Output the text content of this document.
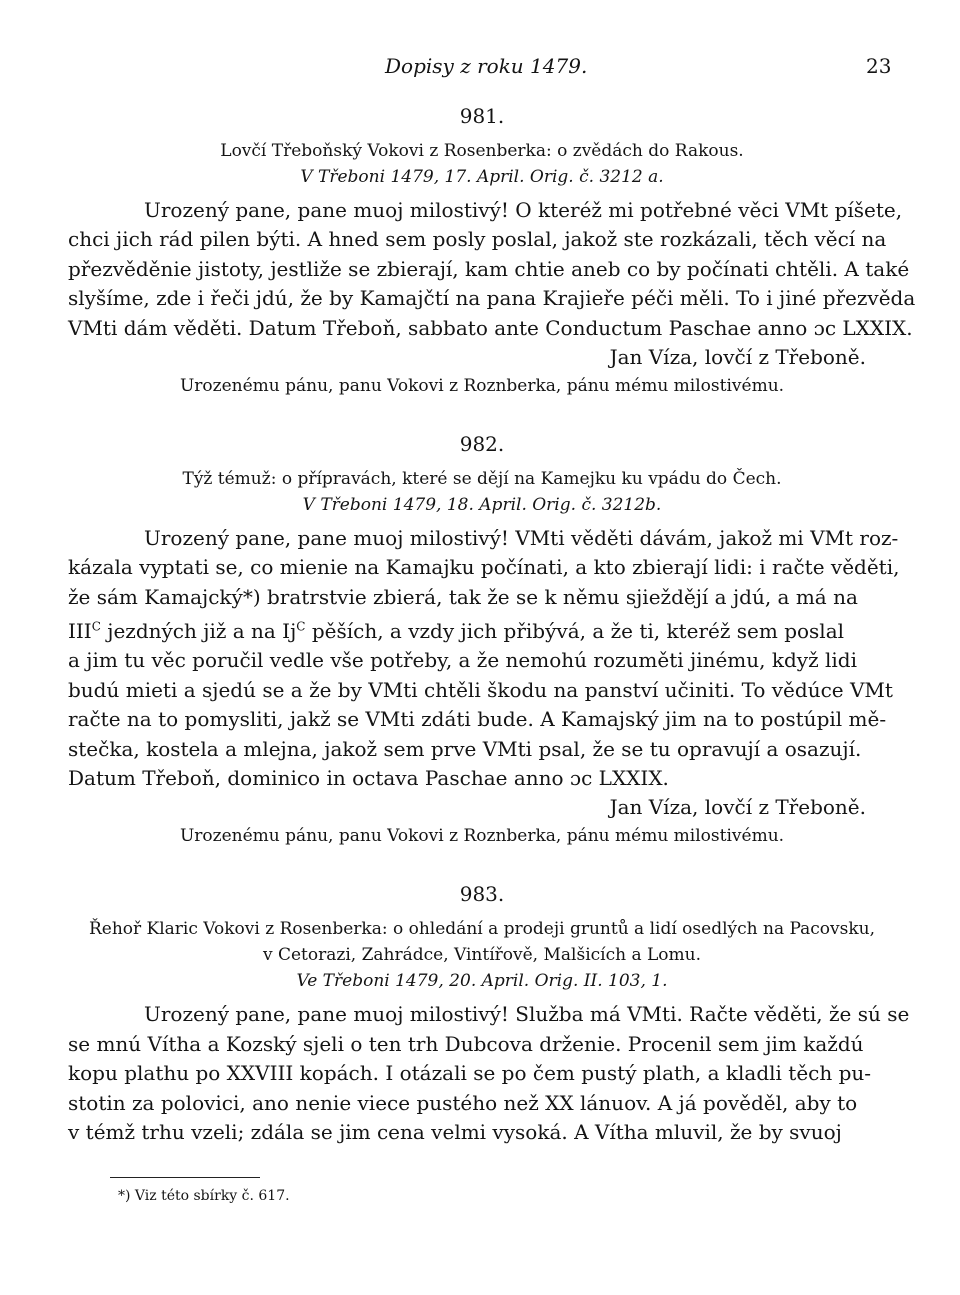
Dopisy z roku 1479.	23
981.
Lovčí Třeboňský Vokovi z Rosenberka: o zvědách do Rakous.
V Třeboni 1479, 17. April. Orig. č. 3212 a.
Urozený pane, pane muoj milostivý! O kteréž mi potřebné věci VMt píšete,
chci jich rád pilen býti. A hned sem posly poslal, jakož ste rozkázali, těch věcí na
přezvěděnie jistoty, jestliže se zbierají, kam chtie aneb co by počínati chtěli. A také
slyšíme, zde i řeči jdú, že by Kamajčtí na pana Krajieře péči měli. To i jiné přezvěda
VMti dám věděti. Datum Třeboň, sabbato ante Conductum Paschae anno ɔc LXXIX.
Jan Víza, lovčí z Třeboně.
Urozenému pánu, panu Vokovi z Roznberka, pánu mému milostivému.
982.
Týž témuž: o přípravách, které se dějí na Kamejku ku vpádu do Čech.
V Třeboni 1479, 18. April. Orig. č. 3212b.
Urozený pane, pane muoj milostivý! VMti věděti dávám, jakož mi VMt roz-
kázala vyptati se, co mienie na Kamajku počínati, a kto zbierají lidi: i račte věděti,
že sám Kamajcký*) bratrstvie zbierá, tak že se k němu sjiežděјí a jdú, a má na
$III^C$ jezdných již a na $Ij^C$ pěších, a vzdy jich přibývá, a že ti, kteréž sem poslal
a jim tu věc poručil vedle vše potřeby, a že nemohú rozuměti jinému, když lidi
budú mieti a sjedú se a že by VMti chtěli škodu na panství učiniti. To vědúce VMt
račte na to pomysliti, jakž se VMti zdáti bude. A Kamajský jim na to postúpil mě-
stečka, kostela a mlejna, jakož sem prve VMti psal, že se tu opravují a osazují.
Datum Třeboň, dominico in octava Paschae anno ɔc LXXIX.
Jan Víza, lovčí z Třeboně.
Urozenému pánu, panu Vokovi z Roznberka, pánu mému milostivému.
983.
Řehoř Klaric Vokovi z Rosenberka: o ohledání a prodeji gruntů a lidí osedlých na Pacovsku,
v Cetorazi, Zahrádce, Vintířově, Malšicích a Lomu.
Ve Třeboni 1479, 20. April. Orig. II. 103, 1.
Urozený pane, pane muoj milostivý! Služba má VMti. Račte věděti, že sú se
se mnú Vítha a Kozský sjeli o ten trh Dubcova drženie. Procenil sem jim každú
kopu plathu po XXVIII kopách. I otázali se po čem pustý plath, a kladli těch pu-
stotin za polovici, ano nenie viece pustého než XX lánuov. A já pověděl, aby to
v témž trhu vzeli; zdála se jim cena velmi vysoká. A Vítha mluvil, že by svuoj
*) Viz této sbírky č. 617.
